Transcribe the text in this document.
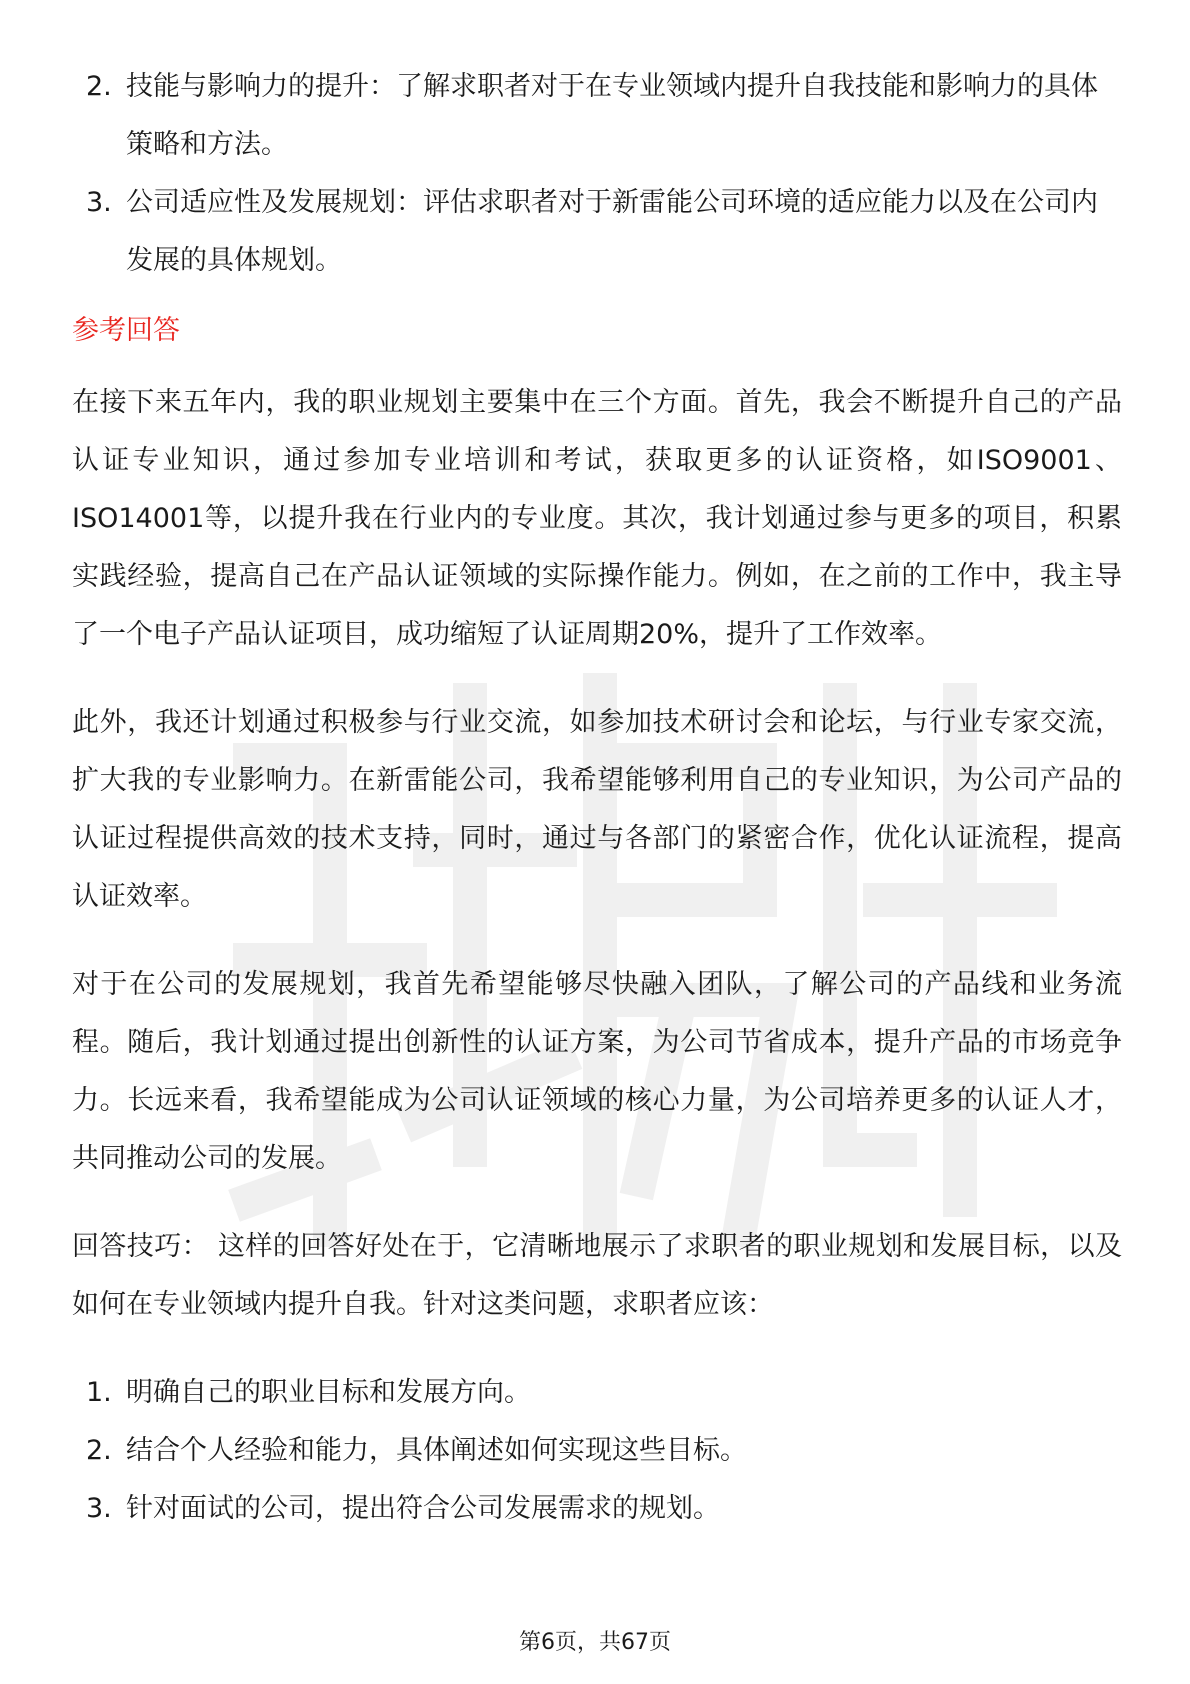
2. 技能与影响力的提升：了解求职者对于在专业领域内提升自我技能和影响力的具体策略和方法。
3. 公司适应性及发展规划：评估求职者对于新雷能公司环境的适应能力以及在公司内发展的具体规划。
参考回答

在接下来五年内，我的职业规划主要集中在三个方面。首先，我会不断提升自己的产品认证专业知识，通过参加专业培训和考试，获取更多的认证资格，如ISO9001、ISO14001等，以提升我在行业内的专业度。其次，我计划通过参与更多的项目，积累实践经验，提高自己在产品认证领域的实际操作能力。例如，在之前的工作中，我主导了一个电子产品认证项目，成功缩短了认证周期20%，提升了工作效率。

此外，我还计划通过积极参与行业交流，如参加技术研讨会和论坛，与行业专家交流，扩大我的专业影响力。在新雷能公司，我希望能够利用自己的专业知识，为公司产品的认证过程提供高效的技术支持，同时，通过与各部门的紧密合作，优化认证流程，提高认证效率。

对于在公司的发展规划，我首先希望能够尽快融入团队，了解公司的产品线和业务流程。随后，我计划通过提出创新性的认证方案，为公司节省成本，提升产品的市场竞争力。长远来看，我希望能成为公司认证领域的核心力量，为公司培养更多的认证人才，共同推动公司的发展。

回答技巧： 这样的回答好处在于，它清晰地展示了求职者的职业规划和发展目标，以及如何在专业领域内提升自我。针对这类问题，求职者应该：

1. 明确自己的职业目标和发展方向。
2. 结合个人经验和能力，具体阐述如何实现这些目标。
3. 针对面试的公司，提出符合公司发展需求的规划。
第6页，共67页
